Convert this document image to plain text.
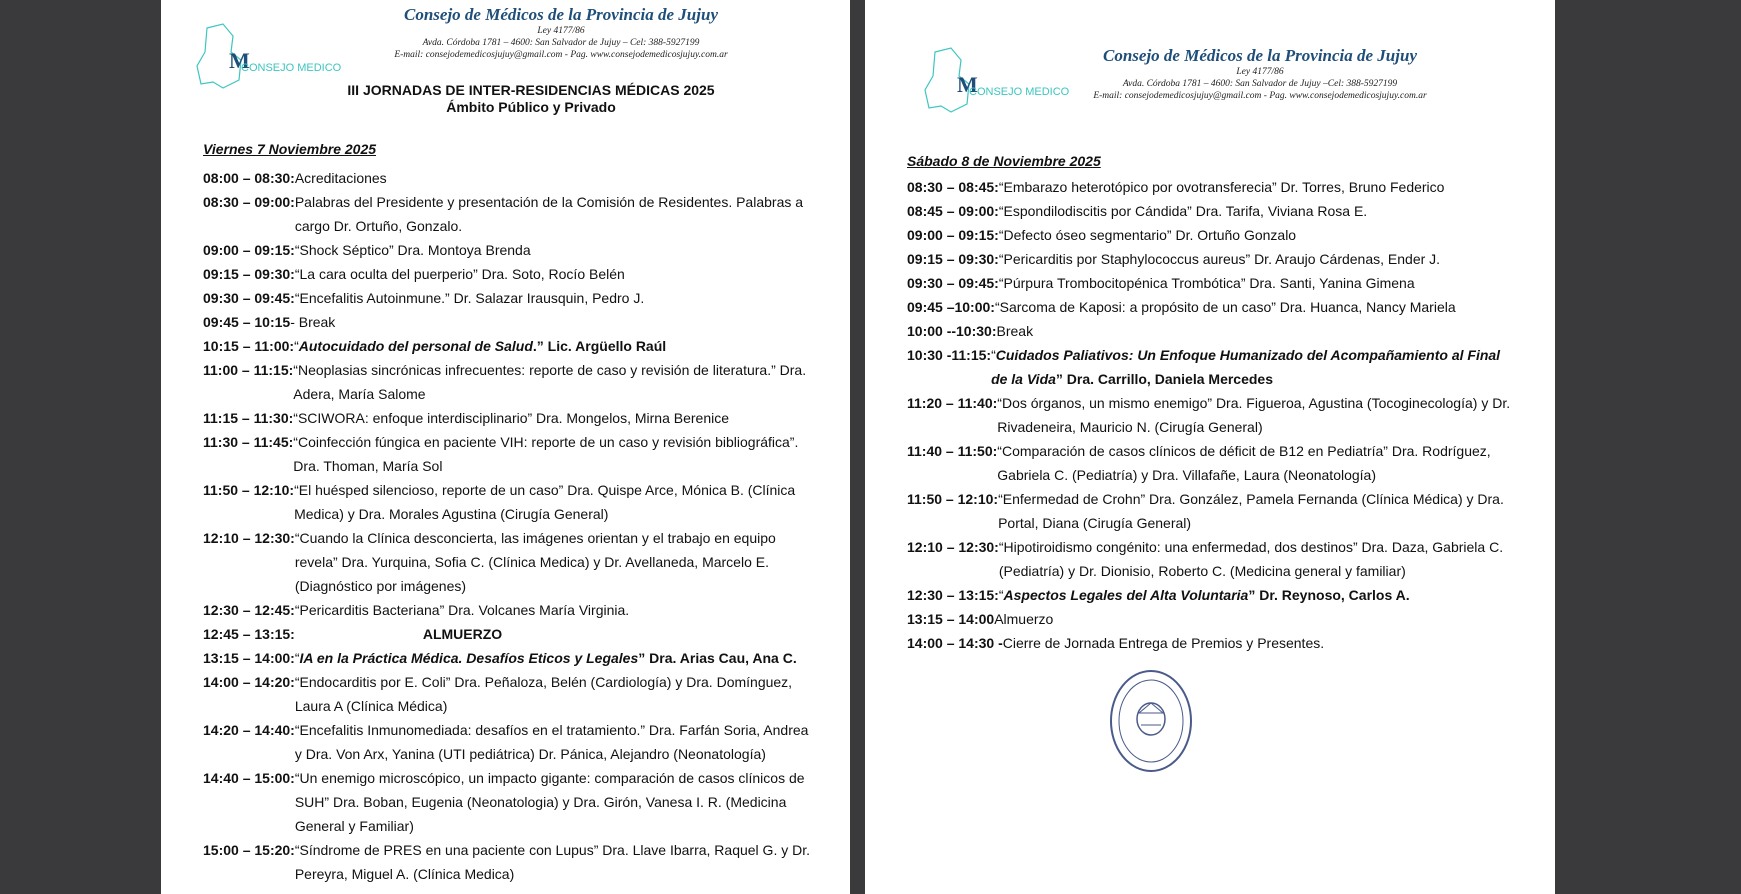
M
CONSEJO MEDICO
Consejo de Médicos de la Provincia de Jujuy
Ley 4177/86
Avda. Córdoba 1781 – 4600: San Salvador de Jujuy – Cel: 388-5927199
E-mail: consejodemedicosjujuy@gmail.com - Pag. www.consejodemedicosjujuy.com.ar
III JORNADAS DE INTER-RESIDENCIAS MÉDICAS 2025
Ámbito Público y Privado
Viernes 7 Noviembre 2025
08:00 – 08:30: Acreditaciones
08:30 – 09:00: Palabras del Presidente y presentación de la Comisión de Residentes. Palabras a cargo Dr. Ortuño, Gonzalo.
09:00 – 09:15: “Shock Séptico” Dra. Montoya Brenda
09:15 – 09:30: “La cara oculta del puerperio” Dra. Soto, Rocío Belén
09:30 – 09:45: “Encefalitis Autoinmune.” Dr. Salazar Irausquin, Pedro J.
09:45 – 10:15 - Break
10:15 – 11:00: “Autocuidado del personal de Salud.” Lic. Argüello Raúl
11:00 – 11:15: “Neoplasias sincrónicas infrecuentes: reporte de caso y revisión de literatura.” Dra. Adera, María Salome
11:15 – 11:30: “SCIWORA: enfoque interdisciplinario” Dra. Mongelos, Mirna Berenice
11:30 – 11:45: “Coinfección fúngica en paciente VIH: reporte de un caso y revisión bibliográfica”. Dra. Thoman, María Sol
11:50 – 12:10: “El huésped silencioso, reporte de un caso” Dra. Quispe Arce, Mónica B. (Clínica Medica) y Dra. Morales Agustina (Cirugía General)
12:10 – 12:30: “Cuando la Clínica desconcierta, las imágenes orientan y el trabajo en equipo revela” Dra. Yurquina, Sofia C. (Clínica Medica) y Dr. Avellaneda, Marcelo E. (Diagnóstico por imágenes)
12:30 – 12:45: “Pericarditis Bacteriana” Dra. Volcanes María Virginia.
12:45 – 13:15:	ALMUERZO
13:15 – 14:00: “IA en la Práctica Médica. Desafíos Eticos y Legales” Dra. Arias Cau, Ana C.
14:00 – 14:20: “Endocarditis por E. Coli” Dra. Peñaloza, Belén (Cardiología) y Dra. Domínguez, Laura A (Clínica Médica)
14:20 – 14:40: “Encefalitis Inmunomediada: desafíos en el tratamiento.” Dra. Farfán Soria, Andrea y Dra. Von Arx, Yanina (UTI pediátrica) Dr. Pánica, Alejandro (Neonatología)
14:40 – 15:00: “Un enemigo microscópico, un impacto gigante: comparación de casos clínicos de SUH” Dra. Boban, Eugenia (Neonatologia) y Dra. Girón, Vanesa I. R. (Medicina General y Familiar)
15:00 – 15:20: “Síndrome de PRES en una paciente con Lupus” Dra. Llave Ibarra, Raquel G. y Dr. Pereyra, Miguel A. (Clínica Medica)
M
CONSEJO MEDICO
Consejo de Médicos de la Provincia de Jujuy
Ley 4177/86
Avda. Córdoba 1781 – 4600: San Salvador de Jujuy –Cel: 388-5927199
E-mail: consejodemedicosjujuy@gmail.com - Pag. www.consejodemedicosjujuy.com.ar
Sábado 8 de Noviembre 2025
08:30 – 08:45: “Embarazo heterotópico por ovotransferecia” Dr. Torres, Bruno Federico
08:45 – 09:00: “Espondilodiscitis por Cándida” Dra. Tarifa, Viviana Rosa E.
09:00 – 09:15: “Defecto óseo segmentario” Dr. Ortuño Gonzalo
09:15 – 09:30: “Pericarditis por Staphylococcus aureus” Dr. Araujo Cárdenas, Ender J.
09:30 – 09:45: “Púrpura Trombocitopénica Trombótica” Dra. Santi, Yanina Gimena
09:45 –10:00: “Sarcoma de Kaposi: a propósito de un caso” Dra. Huanca, Nancy Mariela
10:00 --10:30: Break
10:30 -11:15: “Cuidados Paliativos: Un Enfoque Humanizado del Acompañamiento al Final de la Vida” Dra. Carrillo, Daniela Mercedes
11:20 – 11:40: “Dos órganos, un mismo enemigo” Dra. Figueroa, Agustina (Tocoginecología) y Dr. Rivadeneira, Mauricio N. (Cirugía General)
11:40 – 11:50: “Comparación de casos clínicos de déficit de B12 en Pediatría” Dra. Rodríguez, Gabriela C. (Pediatría) y Dra. Villafañe, Laura (Neonatología)
11:50 – 12:10: “Enfermedad de Crohn” Dra. González, Pamela Fernanda (Clínica Médica) y Dra. Portal, Diana (Cirugía General)
12:10 – 12:30: “Hipotiroidismo congénito: una enfermedad, dos destinos” Dra. Daza, Gabriela C. (Pediatría) y Dr. Dionisio, Roberto C. (Medicina general y familiar)
12:30 – 13:15: “Aspectos Legales del Alta Voluntaria” Dr. Reynoso, Carlos A.
13:15 – 14:00 Almuerzo
14:00 – 14:30 - Cierre de Jornada Entrega de Premios y Presentes.
